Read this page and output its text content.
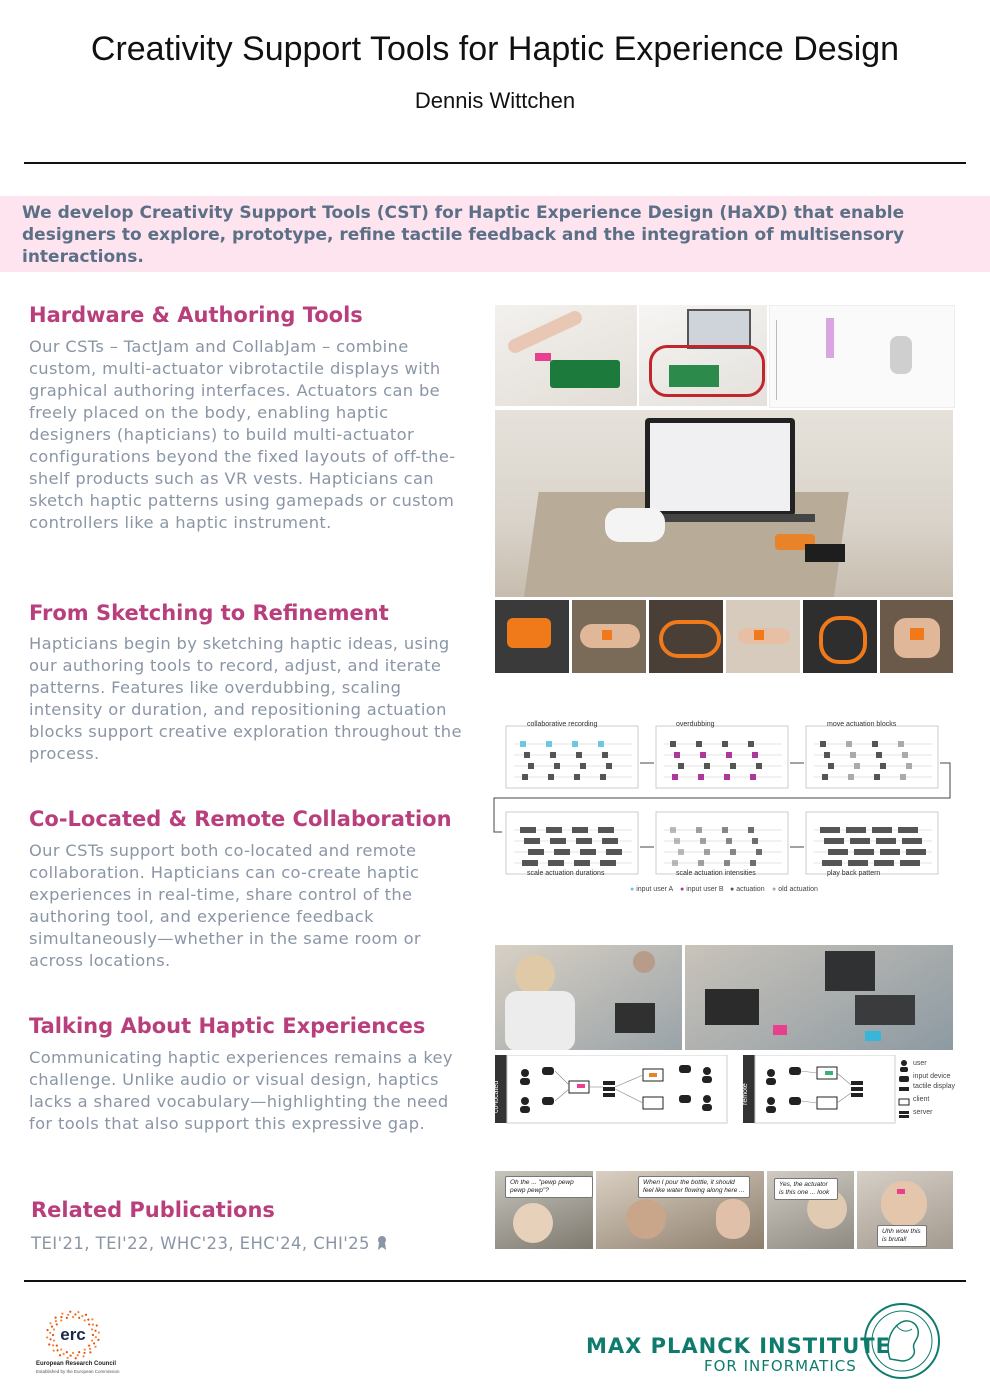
Creativity Support Tools for Haptic Experience Design
Dennis Wittchen
We develop Creativity Support Tools (CST) for Haptic Experience Design (HaXD) that enable designers to explore, prototype, refine tactile feedback and the integration of multisensory interactions.
Hardware & Authoring Tools
Our CSTs – TactJam and CollabJam – combine custom, multi-actuator vibrotactile displays with graphical authoring interfaces. Actuators can be freely placed on the body, enabling haptic designers (hapticians) to build multi-actuator configurations beyond the fixed layouts of off-the-shelf products such as VR vests. Hapticians can sketch haptic patterns using gamepads or custom controllers like a haptic instrument.
From Sketching to Refinement
Hapticians begin by sketching haptic ideas, using our authoring tools to record, adjust, and iterate patterns. Features like overdubbing, scaling intensity or duration, and repositioning actuation blocks support creative exploration throughout the process.
Co-Located & Remote Collaboration
Our CSTs support both co-located and remote collaboration. Hapticians can co-create haptic experiences in real-time, share control of the authoring tool, and experience feedback simultaneously—whether in the same room or across locations.
Talking About Haptic Experiences
Communicating haptic experiences remains a key challenge. Unlike audio or visual design, haptics lacks a shared vocabulary—highlighting the need for tools that also support this expressive gap.
Related Publications
TEI'21, TEI'22, WHC'23, EHC'24, CHI'25
collaborative recording	overdubbing	move actuation blocks
scale actuation durations	scale actuation intensities	play back pattern
● input user A ● input user B ● actuation ● old actuation
co-located	remote
user
input device
tactile display
client
server
Oh the ... "pewp pewp pewp pewp"?
When I pour the bottle, it should feel like water flowing along here ...
Yes, the actuator is this one ... look
Uhh wow this is brutal!
erc
European Research Council
Established by the European Commission
MAX PLANCK INSTITUTE
FOR INFORMATICS
